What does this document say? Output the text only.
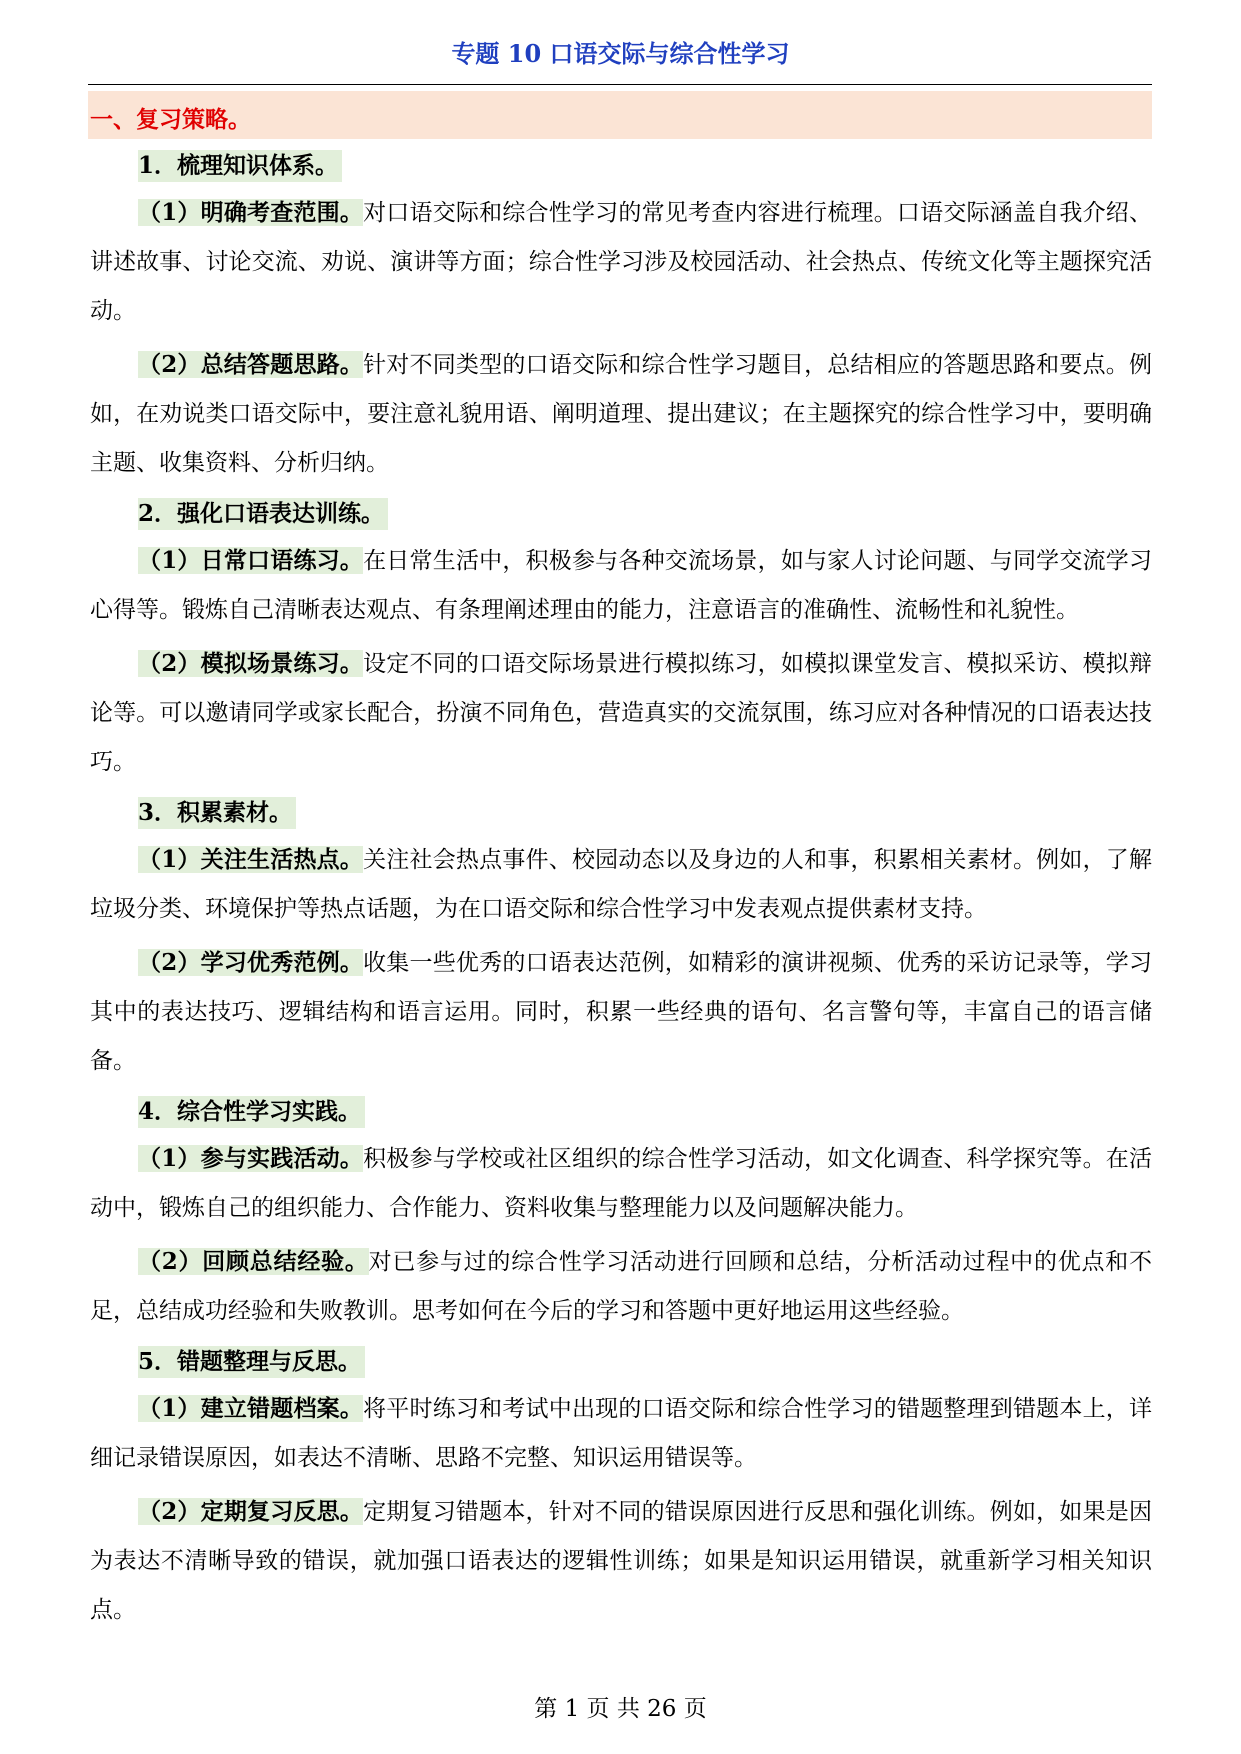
专题 10 口语交际与综合性学习
一、复习策略。
1．梳理知识体系。

（1）明确考查范围。对口语交际和综合性学习的常见考查内容进行梳理。口语交际涵盖自我介绍、讲述故事、讨论交流、劝说、演讲等方面；综合性学习涉及校园活动、社会热点、传统文化等主题探究活动。

（2）总结答题思路。针对不同类型的口语交际和综合性学习题目，总结相应的答题思路和要点。例如，在劝说类口语交际中，要注意礼貌用语、阐明道理、提出建议；在主题探究的综合性学习中，要明确主题、收集资料、分析归纳。

2．强化口语表达训练。

（1）日常口语练习。在日常生活中，积极参与各种交流场景，如与家人讨论问题、与同学交流学习心得等。锻炼自己清晰表达观点、有条理阐述理由的能力，注意语言的准确性、流畅性和礼貌性。

（2）模拟场景练习。设定不同的口语交际场景进行模拟练习，如模拟课堂发言、模拟采访、模拟辩论等。可以邀请同学或家长配合，扮演不同角色，营造真实的交流氛围，练习应对各种情况的口语表达技巧。

3．积累素材。

（1）关注生活热点。关注社会热点事件、校园动态以及身边的人和事，积累相关素材。例如，了解垃圾分类、环境保护等热点话题，为在口语交际和综合性学习中发表观点提供素材支持。

（2）学习优秀范例。收集一些优秀的口语表达范例，如精彩的演讲视频、优秀的采访记录等，学习其中的表达技巧、逻辑结构和语言运用。同时，积累一些经典的语句、名言警句等，丰富自己的语言储备。

4．综合性学习实践。

（1）参与实践活动。积极参与学校或社区组织的综合性学习活动，如文化调查、科学探究等。在活动中，锻炼自己的组织能力、合作能力、资料收集与整理能力以及问题解决能力。

（2）回顾总结经验。对已参与过的综合性学习活动进行回顾和总结，分析活动过程中的优点和不足，总结成功经验和失败教训。思考如何在今后的学习和答题中更好地运用这些经验。

5．错题整理与反思。

（1）建立错题档案。将平时练习和考试中出现的口语交际和综合性学习的错题整理到错题本上，详细记录错误原因，如表达不清晰、思路不完整、知识运用错误等。

（2）定期复习反思。定期复习错题本，针对不同的错误原因进行反思和强化训练。例如，如果是因为表达不清晰导致的错误，就加强口语表达的逻辑性训练；如果是知识运用错误，就重新学习相关知识点。

第 1 页 共 26 页
